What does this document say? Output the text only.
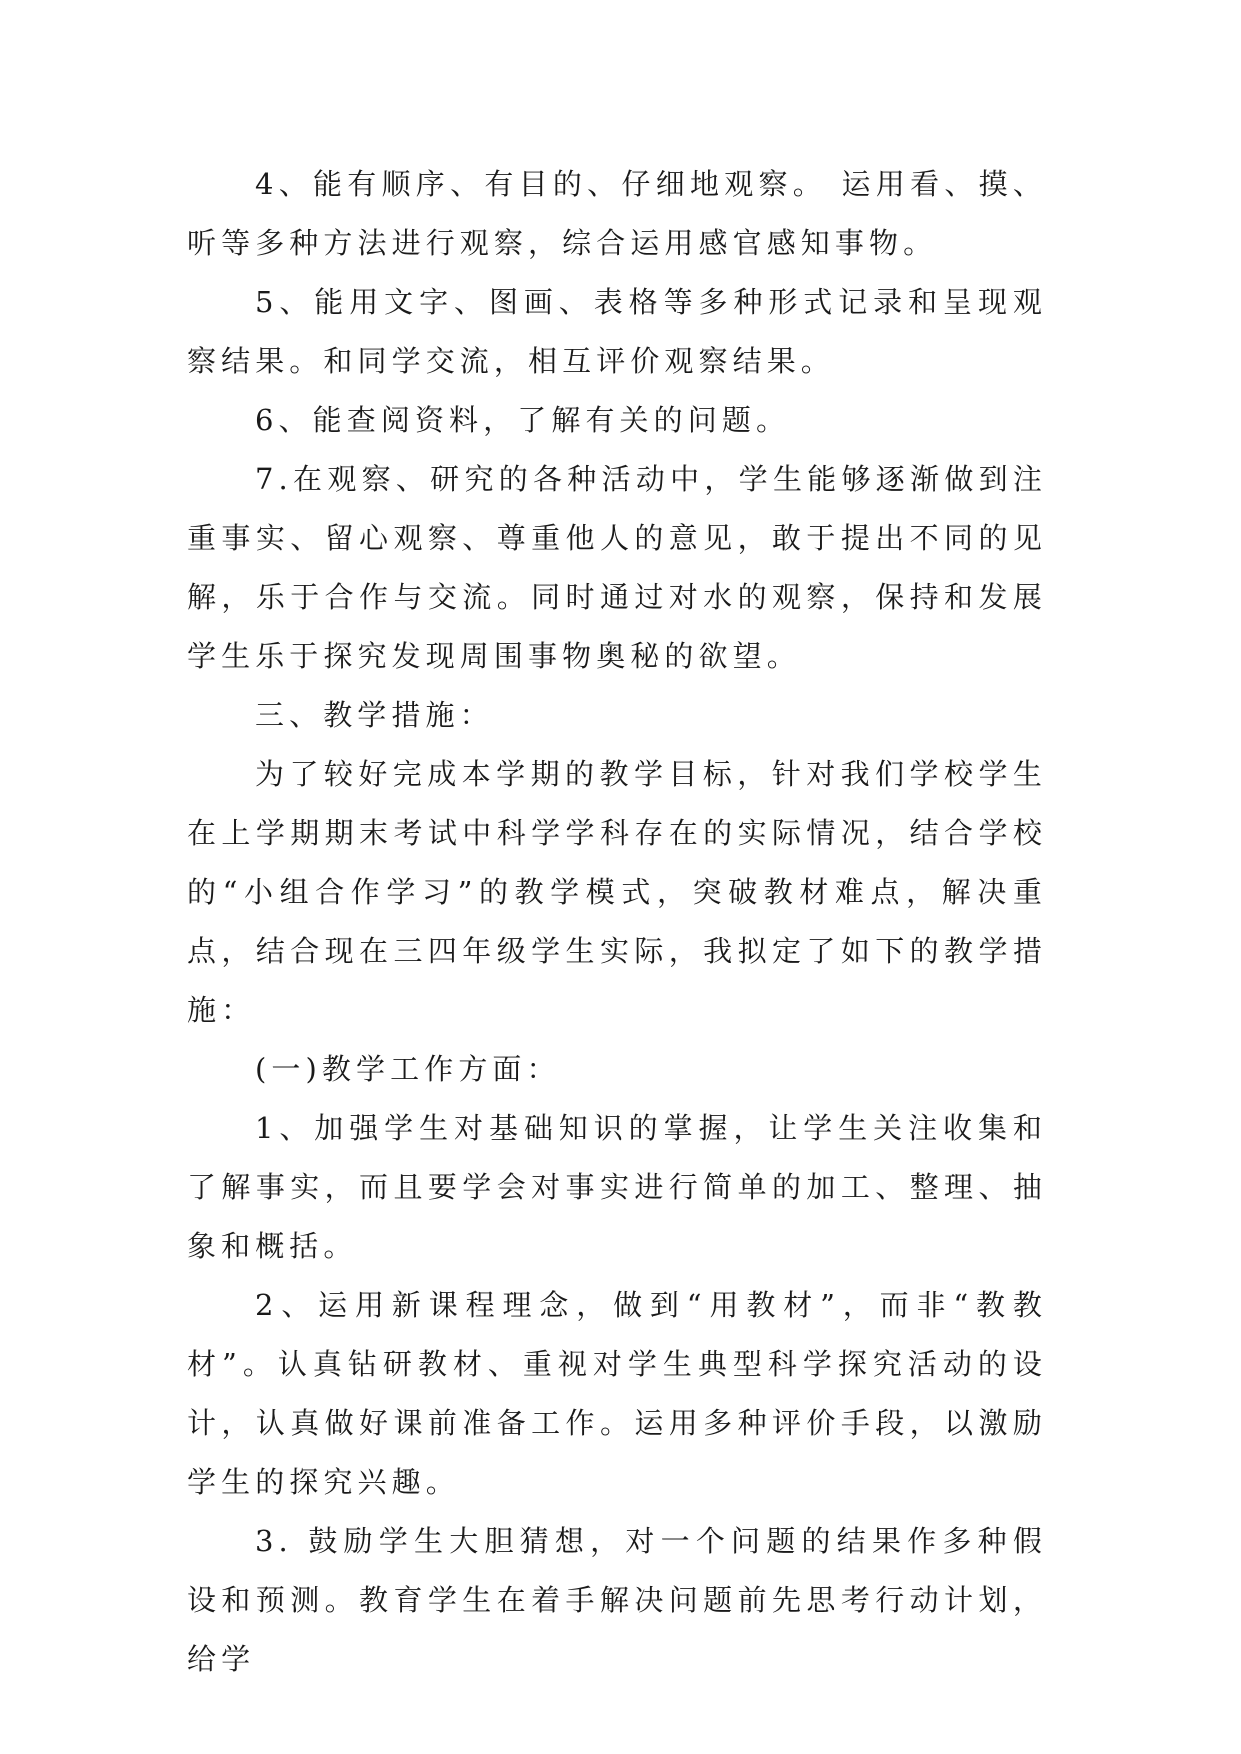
4、能有顺序、有目的、仔细地观察。 运用看、摸、听等多种方法进行观察，综合运用感官感知事物。

5、能用文字、图画、表格等多种形式记录和呈现观察结果。和同学交流，相互评价观察结果。

6、能查阅资料，了解有关的问题。

7.在观察、研究的各种活动中，学生能够逐渐做到注重事实、留心观察、尊重他人的意见，敢于提出不同的见解，乐于合作与交流。同时通过对水的观察，保持和发展学生乐于探究发现周围事物奥秘的欲望。

三、教学措施：

为了较好完成本学期的教学目标，针对我们学校学生在上学期期末考试中科学学科存在的实际情况，结合学校的“小组合作学习”的教学模式，突破教材难点，解决重点，结合现在三四年级学生实际，我拟定了如下的教学措施：

(一)教学工作方面：

1、加强学生对基础知识的掌握，让学生关注收集和了解事实，而且要学会对事实进行简单的加工、整理、抽象和概括。

2、运用新课程理念，做到“用教材”，而非“教教材”。认真钻研教材、重视对学生典型科学探究活动的设计，认真做好课前准备工作。运用多种评价手段，以激励学生的探究兴趣。

3. 鼓励学生大胆猜想，对一个问题的结果作多种假设和预测。教育学生在着手解决问题前先思考行动计划，给学
